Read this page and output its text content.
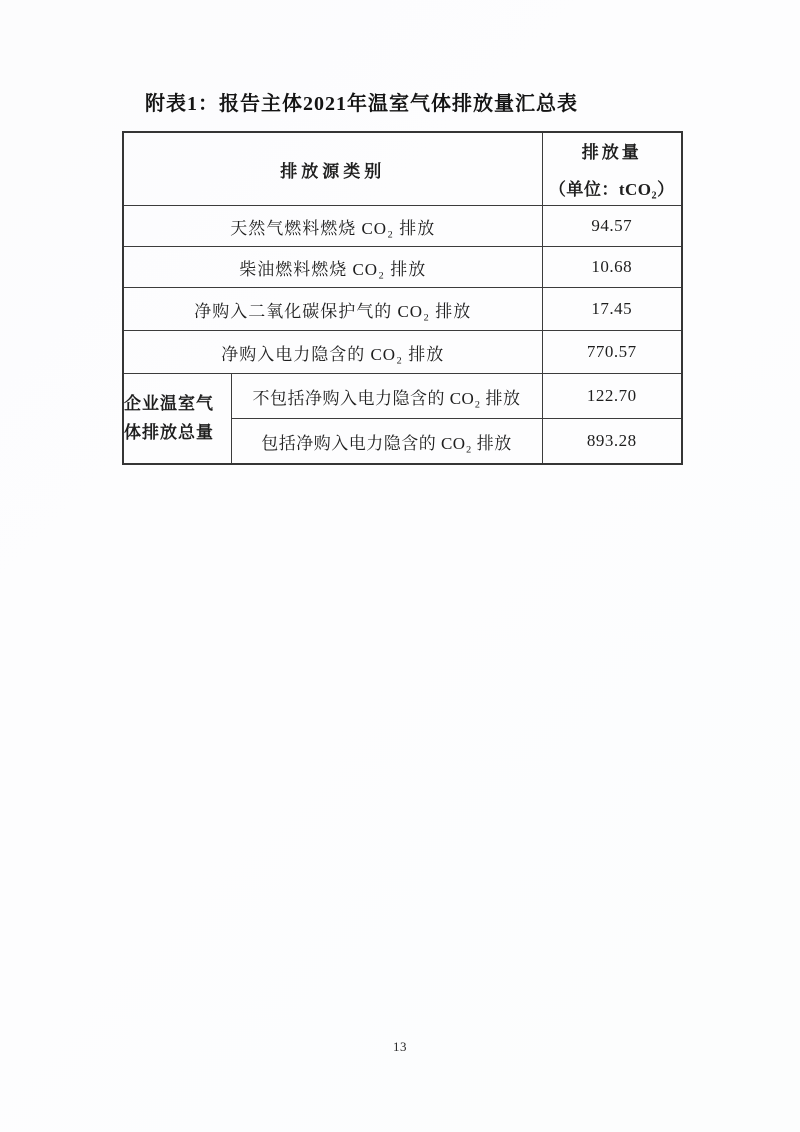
附表1：报告主体2021年温室气体排放量汇总表
排放源类别		排放量
（单位：tCO₂）

天然气燃料燃烧 CO₂ 排放		94.57
柴油燃料燃烧 CO₂ 排放		10.68
净购入二氧化碳保护气的 CO₂ 排放		17.45
净购入电力隐含的 CO₂ 排放		770.57
企业温室气体排放总量	不包括净购入电力隐含的 CO₂ 排放	122.70
	包括净购入电力隐含的 CO₂ 排放	893.28
13
